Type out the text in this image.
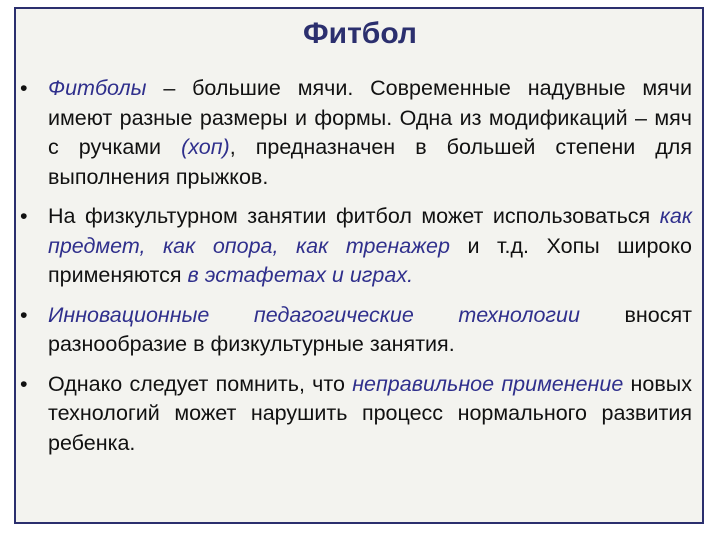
Фитбол
• Фитболы – большие мячи. Современные надувные мячи имеют разные размеры и формы. Одна из модификаций – мяч с ручками (хоп), предназначен в большей степени для выполнения прыжков.
• На физкультурном занятии фитбол может использоваться как предмет, как опора, как тренажер и т.д. Хопы широко применяются в эстафетах и играх.
• Инновационные педагогические технологии вносят разнообразие в физкультурные занятия.
• Однако следует помнить, что неправильное применение новых технологий может нарушить процесс нормального развития ребенка.
